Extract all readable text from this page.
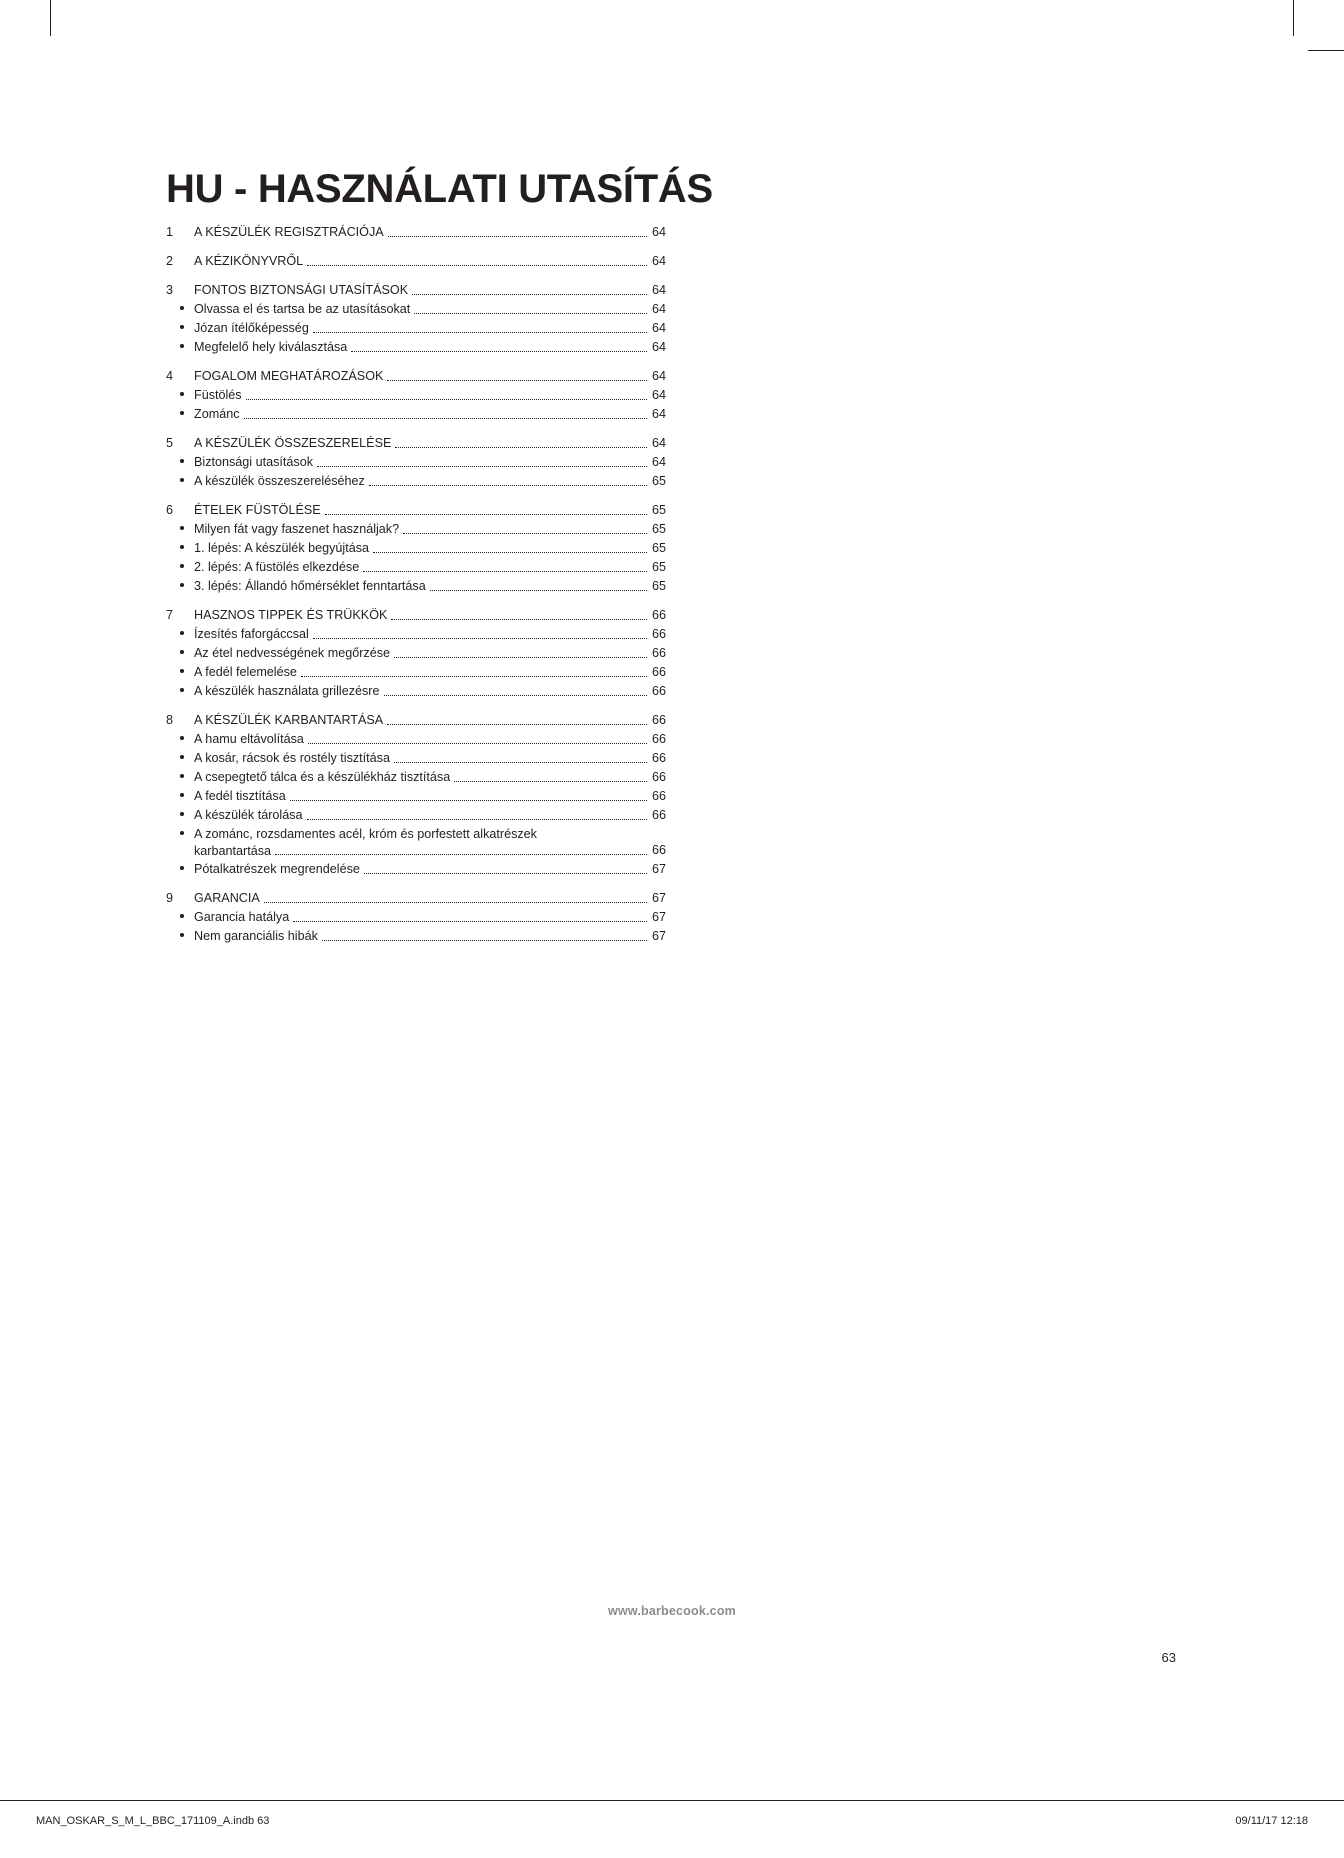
HU - HASZNÁLATI UTASÍTÁS
1	A KÉSZÜLÉK REGISZTRÁCIÓJA	64
2	A KÉZIKÖNYVRŐL	64
3	FONTOS BIZTONSÁGI UTASÍTÁSOK	64
Olvassa el és tartsa be az utasításokat	64
Józan ítélőképesség	64
Megfelelő hely kiválasztása	64
4	FOGALOM MEGHATÁROZÁSOK	64
Füstölés	64
Zománc	64
5	A KÉSZÜLÉK ÖSSZESZERELÉSE	64
Biztonsági utasítások	64
A készülék összeszereléséhez	65
6	ÉTELEK FÜSTÖLÉSE	65
Milyen fát vagy faszenet használjak?	65
1. lépés: A készülék begyújtása	65
2. lépés: A füstölés elkezdése	65
3. lépés: Állandó hőmérséklet fenntartása	65
7	HASZNOS TIPPEK ÉS TRÜKKÖK	66
Ízesítés faforgáccsal	66
Az étel nedvességének megőrzése	66
A fedél felemelése	66
A készülék használata grillezésre	66
8	A KÉSZÜLÉK KARBANTARTÁSA	66
A hamu eltávolítása	66
A kosár, rácsok és rostély tisztítása	66
A csepegtető tálca és a készülékház tisztítása	66
A fedél tisztítása	66
A készülék tárolása	66
A zománc, rozsdamentes acél, króm és porfestett alkatrészek karbantartása	66
Pótalkatrészek megrendelése	67
9	GARANCIA	67
Garancia hatálya	67
Nem garanciális hibák	67
www.barbecook.com
63
MAN_OSKAR_S_M_L_BBC_171109_A.indb 63	09/11/17 12:18
